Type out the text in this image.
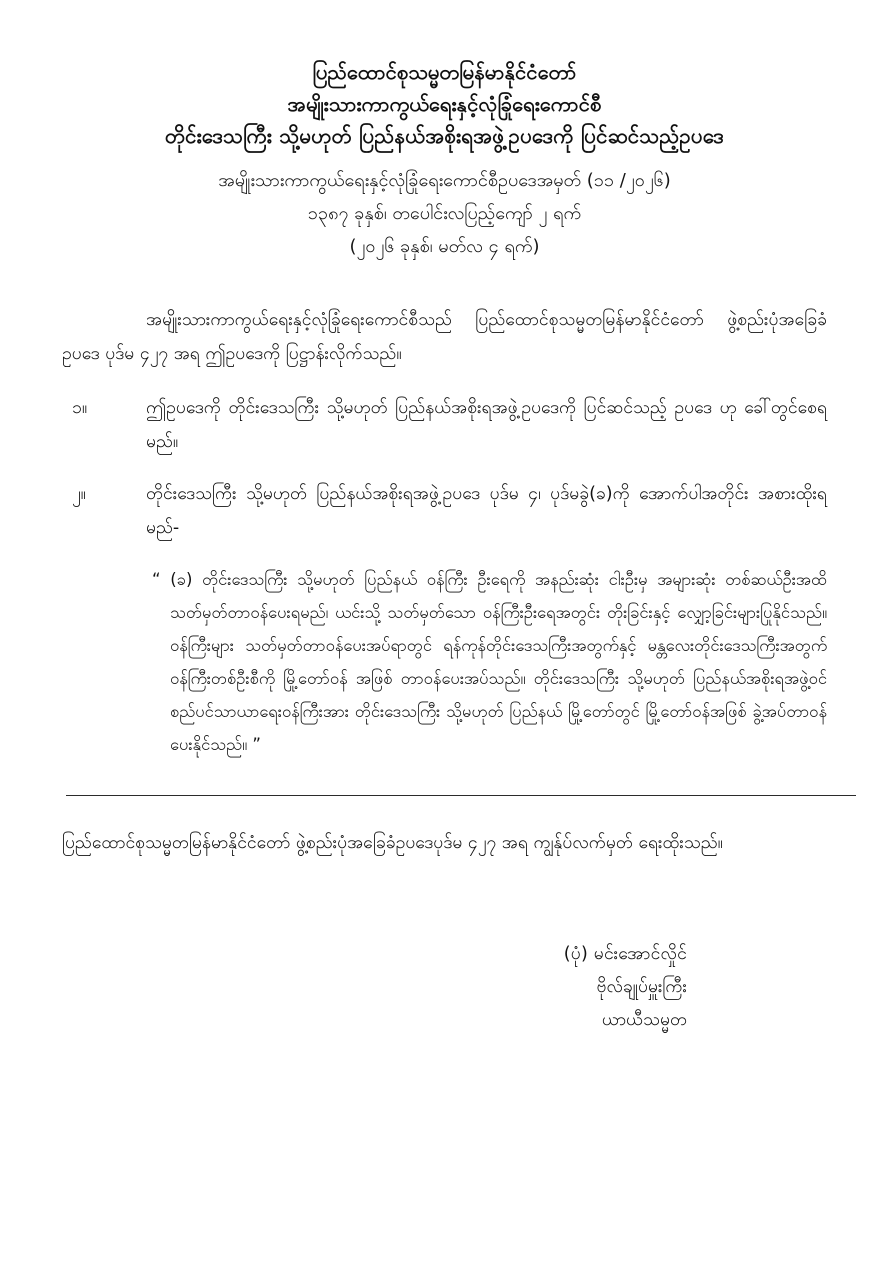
ပြည်ထောင်စုသမ္မတမြန်မာနိုင်ငံတော်
အမျိုးသားကာကွယ်ရေးနှင့်လုံခြုံရေးကောင်စီ
တိုင်းဒေသကြီး သို့မဟုတ် ပြည်နယ်အစိုးရအဖွဲ့ဥပဒေကို ပြင်ဆင်သည့်ဥပဒေ
အမျိုးသားကာကွယ်ရေးနှင့်လုံခြုံရေးကောင်စီဥပဒေအမှတ် (၁၁ /၂၀၂၆)
၁၃၈၇ ခုနှစ်၊ တပေါင်းလပြည့်ကျော် ၂ ရက်
(၂၀၂၆ ခုနှစ်၊ မတ်လ ၄ ရက်)

အမျိုးသားကာကွယ်ရေးနှင့်လုံခြုံရေးကောင်စီသည် ပြည်ထောင်စုသမ္မတမြန်မာနိုင်ငံတော် ဖွဲ့စည်းပုံအခြေခံဥပဒေ ပုဒ်မ ၄၂၇ အရ ဤဥပဒေကို ပြဋ္ဌာန်းလိုက်သည်။

၁။	ဤဥပဒေကို တိုင်းဒေသကြီး သို့မဟုတ် ပြည်နယ်အစိုးရအဖွဲ့ဥပဒေကို ပြင်ဆင်သည့် ဥပဒေ ဟု ခေါ်တွင်စေရမည်။
၂။	တိုင်းဒေသကြီး သို့မဟုတ် ပြည်နယ်အစိုးရအဖွဲ့ဥပဒေ ပုဒ်မ ၄၊ ပုဒ်မခွဲ(ခ)ကို အောက်ပါအတိုင်း အစားထိုးရမည်-
“ (ခ) တိုင်းဒေသကြီး သို့မဟုတ် ပြည်နယ် ဝန်ကြီး ဦးရေကို အနည်းဆုံး ငါးဦးမှ အများဆုံး တစ်ဆယ်ဦးအထိ သတ်မှတ်တာဝန်ပေးရမည်၊ ယင်းသို့ သတ်မှတ်သော ဝန်ကြီးဦးရေအတွင်း တိုးခြင်းနှင့် လျှော့ခြင်းများပြုနိုင်သည်။ ဝန်ကြီးများ သတ်မှတ်တာဝန်ပေးအပ်ရာတွင် ရန်ကုန်တိုင်းဒေသကြီးအတွက်နှင့် မန္တလေးတိုင်းဒေသကြီးအတွက်ဝန်ကြီးတစ်ဦးစီကို မြို့တော်ဝန် အဖြစ် တာဝန်ပေးအပ်သည်။ တိုင်းဒေသကြီး သို့မဟုတ် ပြည်နယ်အစိုးရအဖွဲ့ဝင် စည်ပင်သာယာရေးဝန်ကြီးအား တိုင်းဒေသကြီး သို့မဟုတ် ပြည်နယ် မြို့တော်တွင် မြို့တော်ဝန်အဖြစ် ခွဲ့အပ်တာဝန်ပေးနိုင်သည်။ ”

ပြည်ထောင်စုသမ္မတမြန်မာနိုင်ငံတော် ဖွဲ့စည်းပုံအခြေခံဥပဒေပုဒ်မ ၄၂၇ အရ ကျွန်ုပ်လက်မှတ် ရေးထိုးသည်။

(ပုံ) မင်းအောင်လှိုင်
ဗိုလ်ချုပ်မှူးကြီး
ယာယီသမ္မတ
